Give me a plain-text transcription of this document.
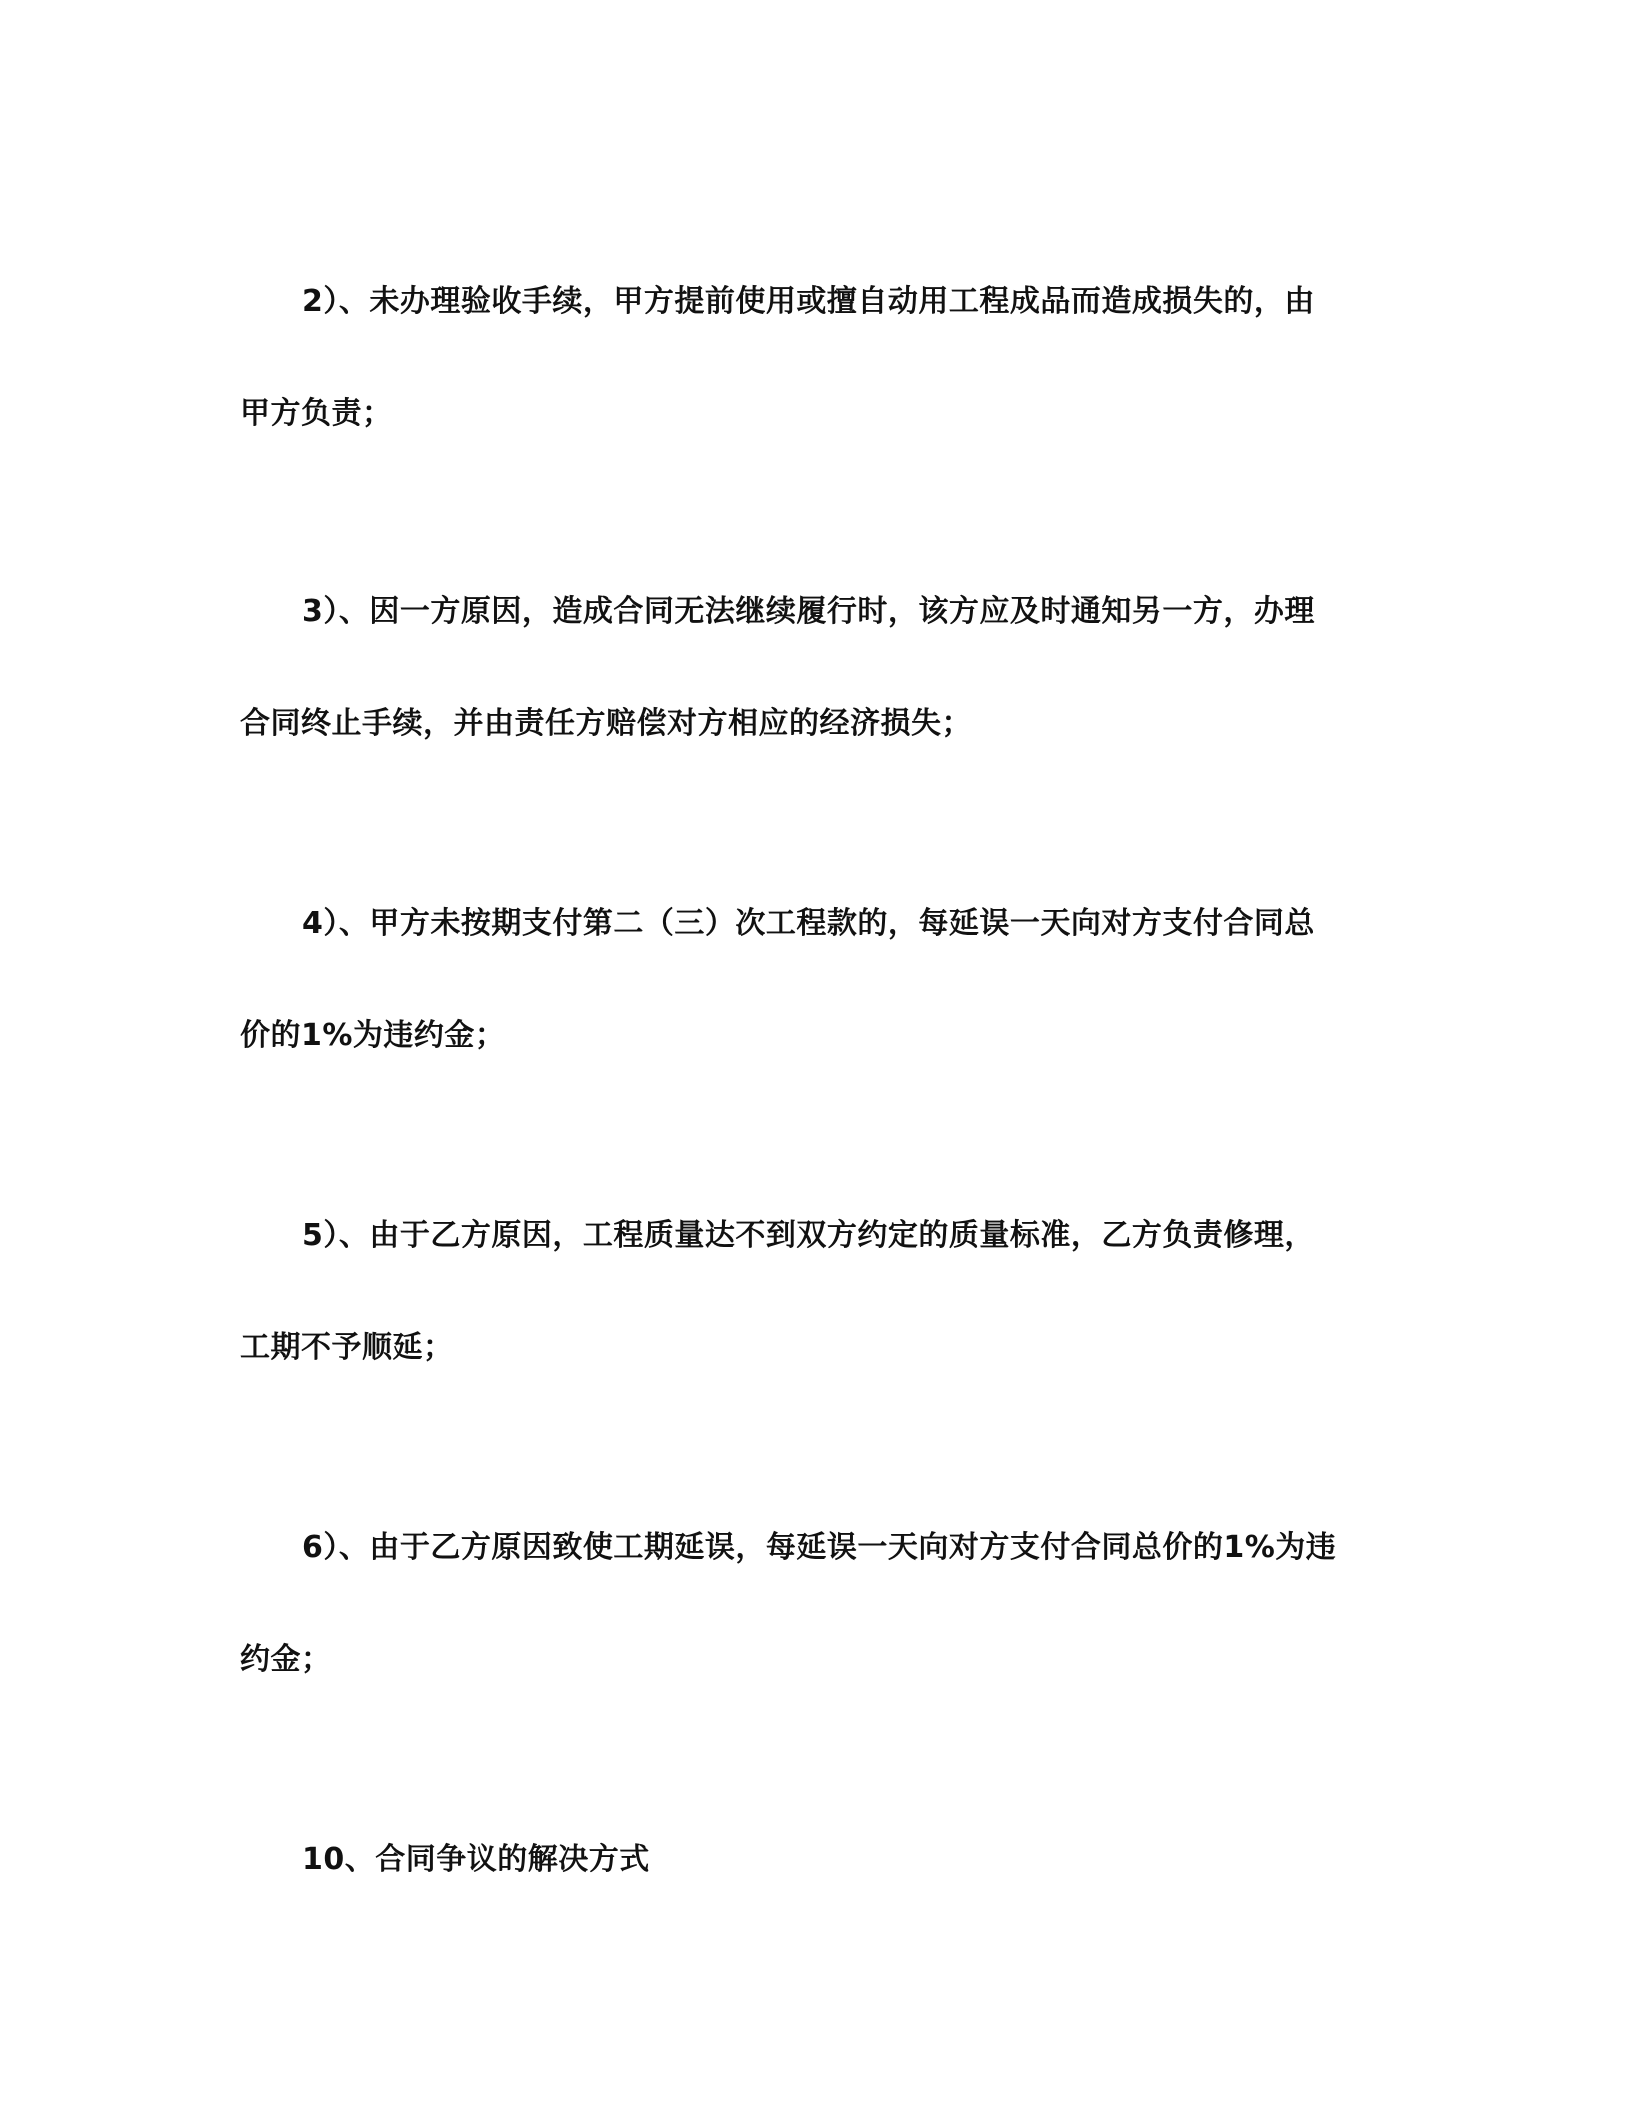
2）、未办理验收手续，甲方提前使用或擅自动用工程成品而造成损失的，由
甲方负责；
3）、因一方原因，造成合同无法继续履行时，该方应及时通知另一方，办理
合同终止手续，并由责任方赔偿对方相应的经济损失；
4）、甲方未按期支付第二（三）次工程款的，每延误一天向对方支付合同总
价的1%为违约金；
5）、由于乙方原因，工程质量达不到双方约定的质量标准，乙方负责修理，
工期不予顺延；
6）、由于乙方原因致使工期延误，每延误一天向对方支付合同总价的1%为违
约金；
10、合同争议的解决方式
